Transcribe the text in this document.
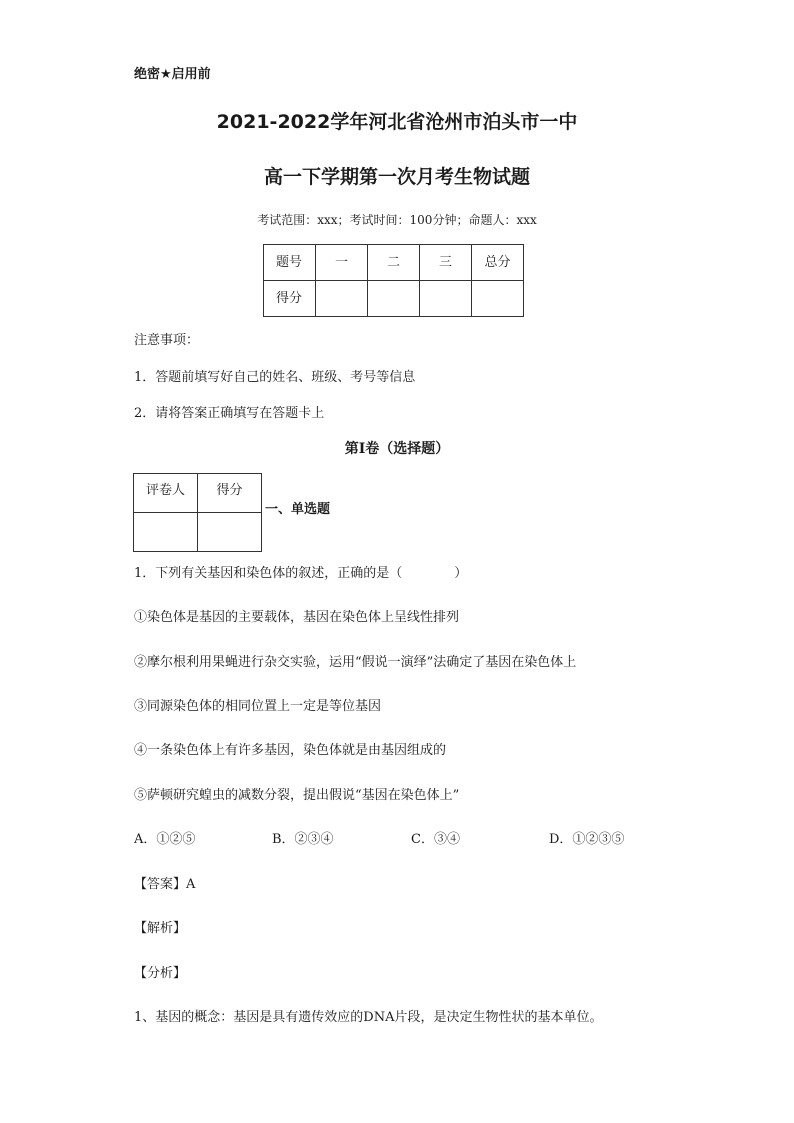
绝密★启用前
2021-2022学年河北省沧州市泊头市一中
高一下学期第一次月考生物试题
考试范围：xxx；考试时间：100分钟；命题人：xxx
题号	一	二	三	总分
得分				
注意事项：
1．答题前填写好自己的姓名、班级、考号等信息
2．请将答案正确填写在答题卡上
第I卷（选择题）
评卷人	得分

一、单选题
1．下列有关基因和染色体的叙述，正确的是（　　　　）
①染色体是基因的主要载体，基因在染色体上呈线性排列
②摩尔根利用果蝇进行杂交实验，运用“假说一演绎”法确定了基因在染色体上
③同源染色体的相同位置上一定是等位基因
④一条染色体上有许多基因，染色体就是由基因组成的
⑤萨顿研究蝗虫的减数分裂，提出假说“基因在染色体上”
A．①②⑤	B．②③④	C．③④	D．①②③⑤
【答案】A
【解析】
【分析】
1、基因的概念：基因是具有遗传效应的DNA片段，是决定生物性状的基本单位。
